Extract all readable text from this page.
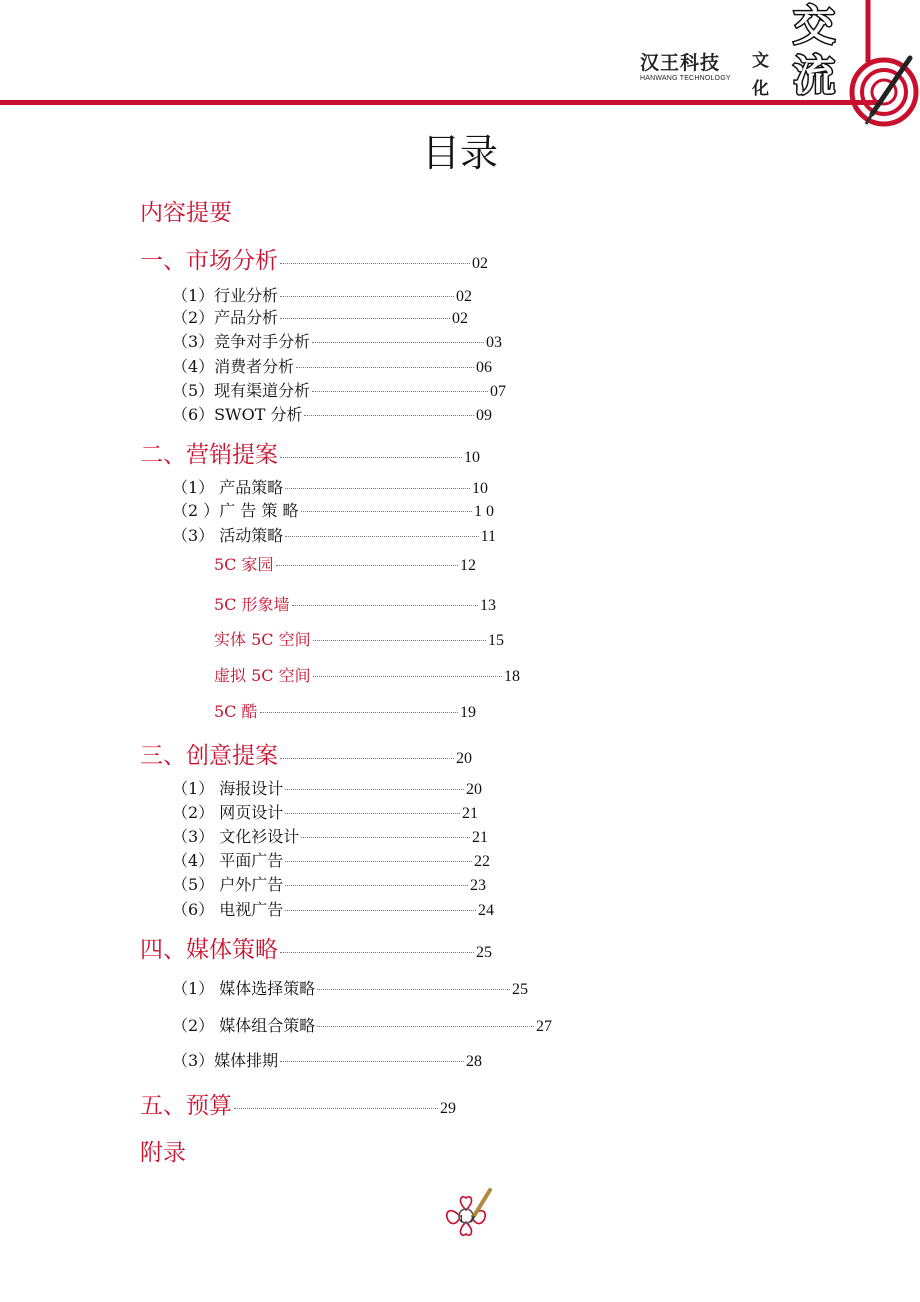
汉王科技
HANWANG TECHNOLOGY
文
化
交
流
目录
内容提要
一、市场分析	02
（1）行业分析	02
（2）产品分析	02
（3）竞争对手分析	03
（4）消费者分析	06
（5）现有渠道分析	07
（6）SWOT 分析	09
二、营销提案	10
（1） 产品策略	10
（2 ）广 告 策 略	1 0
（3） 活动策略	11
5C 家园	12
5C 形象墙	13
实体 5C 空间	15
虚拟 5C 空间	18
5C 酷	19
三、创意提案	20
（1） 海报设计	20
（2） 网页设计	21
（3） 文化衫设计	21
（4） 平面广告	22
（5） 户外广告	23
（6） 电视广告	24
四、媒体策略	25
（1） 媒体选择策略	25
（2） 媒体组合策略	27
（3）媒体排期	28
五、预算	29
附录
1
